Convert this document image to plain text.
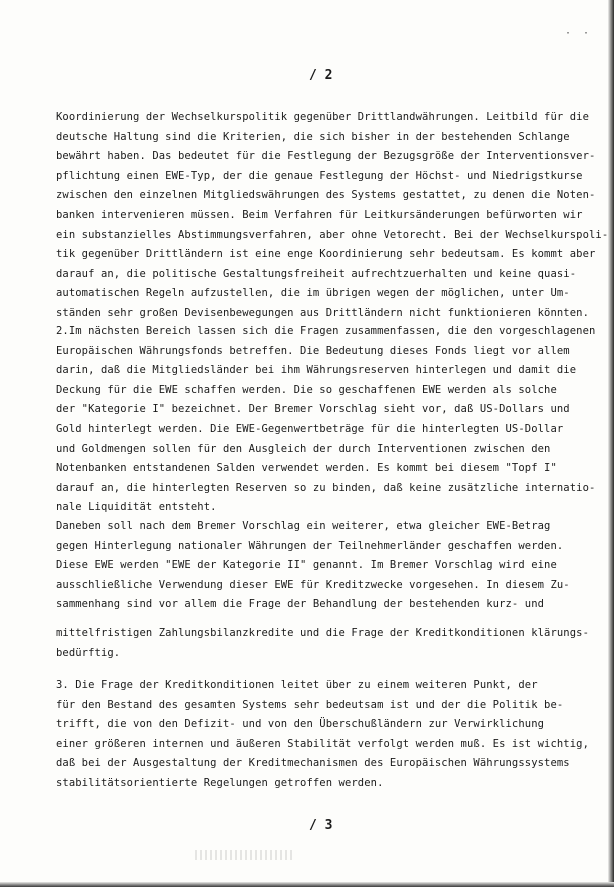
· ·
/ 2
Koordinierung der Wechselkurspolitik gegenüber Drittlandwährungen. Leitbild für die
deutsche Haltung sind die Kriterien, die sich bisher in der bestehenden Schlange
bewährt haben. Das bedeutet für die Festlegung der Bezugsgröße der Interventionsver-
pflichtung einen EWE-Typ, der die genaue Festlegung der Höchst- und Niedrigstkurse
zwischen den einzelnen Mitgliedswährungen des Systems gestattet, zu denen die Noten-
banken intervenieren müssen. Beim Verfahren für Leitkursänderungen befürworten wir
ein substanzielles Abstimmungsverfahren, aber ohne Vetorecht. Bei der Wechselkurspoli-
tik gegenüber Drittländern ist eine enge Koordinierung sehr bedeutsam. Es kommt aber
darauf an, die politische Gestaltungsfreiheit aufrechtzuerhalten und keine quasi-
automatischen Regeln aufzustellen, die im übrigen wegen der möglichen, unter Um-
ständen sehr großen Devisenbewegungen aus Drittländern nicht funktionieren könnten.
2.Im nächsten Bereich lassen sich die Fragen zusammenfassen, die den vorgeschlagenen
Europäischen Währungsfonds betreffen. Die Bedeutung dieses Fonds liegt vor allem
darin, daß die Mitgliedsländer bei ihm Währungsreserven hinterlegen und damit die
Deckung für die EWE schaffen werden. Die so geschaffenen EWE werden als solche
der "Kategorie I" bezeichnet. Der Bremer Vorschlag sieht vor, daß US-Dollars und
Gold hinterlegt werden. Die EWE-Gegenwertbeträge für die hinterlegten US-Dollar
und Goldmengen sollen für den Ausgleich der durch Interventionen zwischen den
Notenbanken entstandenen Salden verwendet werden. Es kommt bei diesem "Topf I"
darauf an, die hinterlegten Reserven so zu binden, daß keine zusätzliche internatio-
nale Liquidität entsteht.
Daneben soll nach dem Bremer Vorschlag ein weiterer, etwa gleicher EWE-Betrag
gegen Hinterlegung nationaler Währungen der Teilnehmerländer geschaffen werden.
Diese EWE werden "EWE der Kategorie II" genannt. Im Bremer Vorschlag wird eine
ausschließliche Verwendung dieser EWE für Kreditzwecke vorgesehen. In diesem Zu-
sammenhang sind vor allem die Frage der Behandlung der bestehenden kurz- und
mittelfristigen Zahlungsbilanzkredite und die Frage der Kreditkonditionen klärungs-
bedürftig.
3. Die Frage der Kreditkonditionen leitet über zu einem weiteren Punkt, der
für den Bestand des gesamten Systems sehr bedeutsam ist und der die Politik be-
trifft, die von den Defizit- und von den Überschußländern zur Verwirklichung
einer größeren internen und äußeren Stabilität verfolgt werden muß. Es ist wichtig,
daß bei der Ausgestaltung der Kreditmechanismen des Europäischen Währungssystems
stabilitätsorientierte Regelungen getroffen werden.
/ 3
